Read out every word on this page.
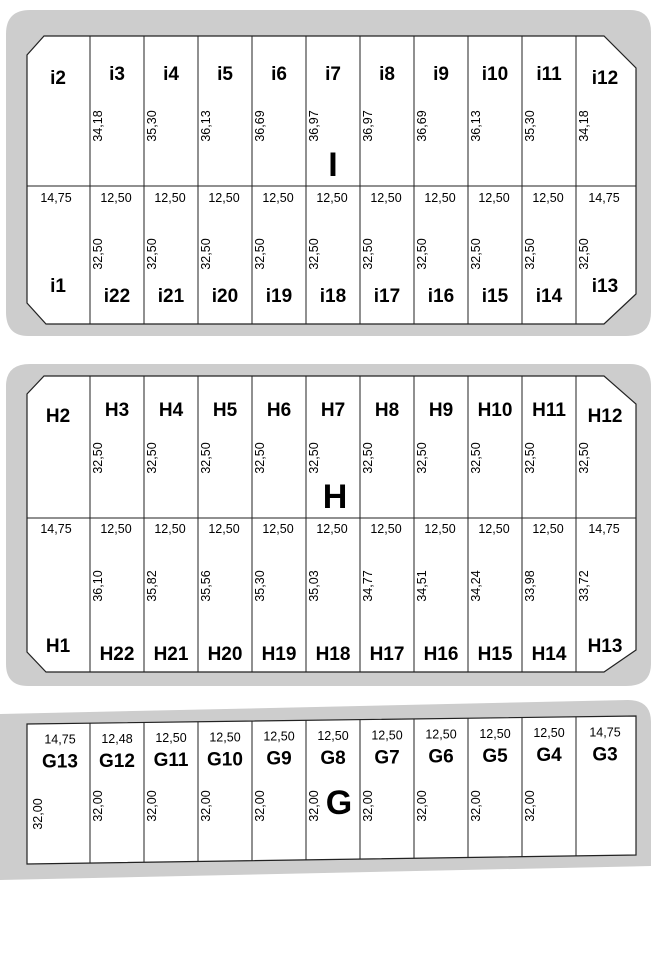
i2 i3
34,18
i4
35,30
i5
36,13
i6
36,69
i7
36,97
i8
36,97
i9
36,69
i10
36,13
i11
35,30
i12
34,18
i1
14,75
i22
12,50
32,50
i21
12,50
32,50
i20
12,50
32,50
i19
12,50
32,50
i18
12,50
32,50
i17
12,50
32,50
i16
12,50
32,50
i15
12,50
32,50
i14
12,50
32,50
i13
14,75
32,50
I
H2 H3
32,50
H4
32,50
H5
32,50
H6
32,50
H7
32,50
H8
32,50
H9
32,50
H10
32,50
H11
32,50
H12
32,50
H1
14,75
H22
12,50
36,10
H21
12,50
35,82
H20
12,50
35,56
H19
12,50
35,30
H18
12,50
35,03
H17
12,50
34,77
H16
12,50
34,51
H15
12,50
34,24
H14
12,50
33,98
H13
14,75
33,72
H
14,75
G13
32,00
12,48
G12
32,00
12,50
G11
32,00
12,50
G10
32,00
12,50
G9
32,00
12,50
G8
32,00
12,50
G7
32,00
12,50
G6
32,00
12,50
G5
32,00
12,50
G4
32,00
14,75
G3
G
